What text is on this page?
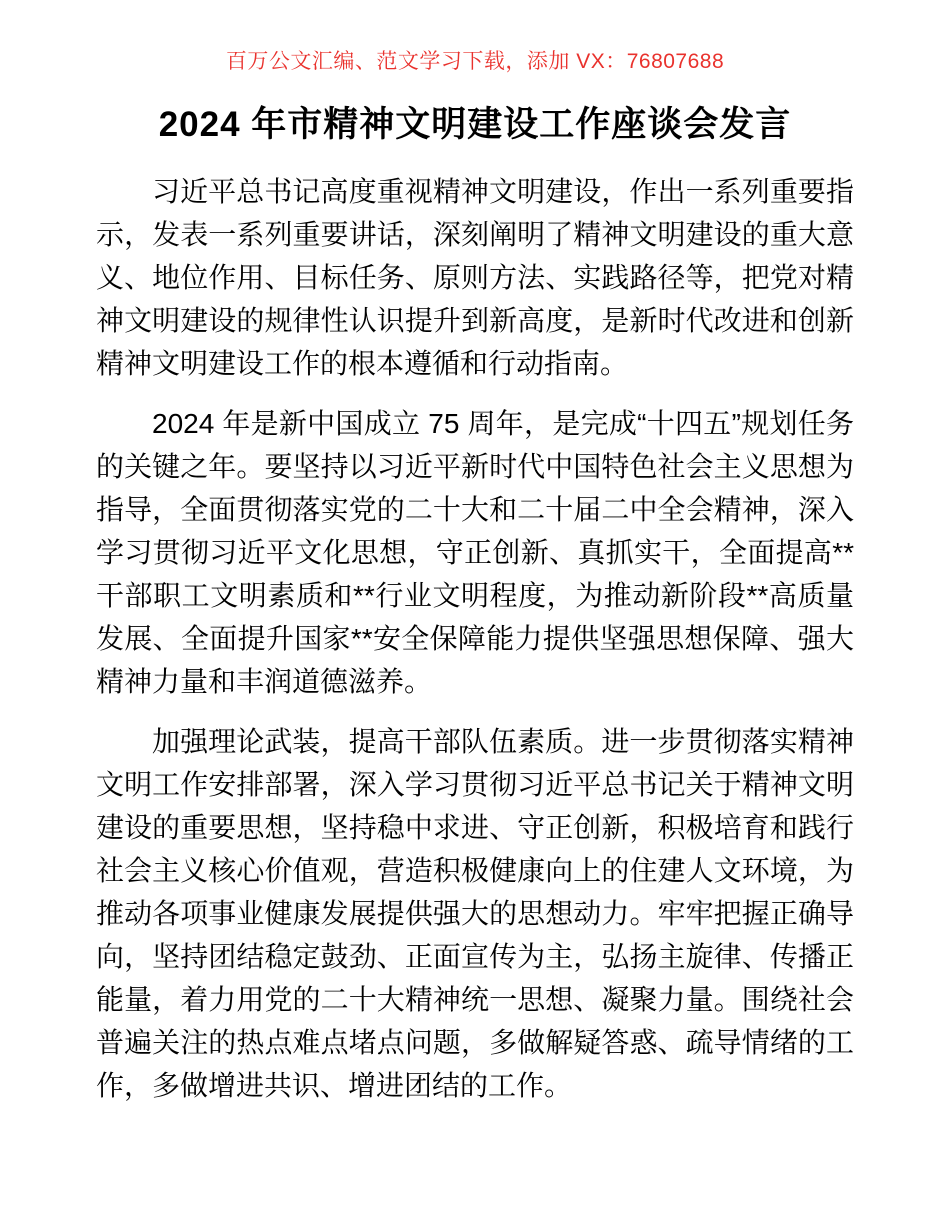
百万公文汇编、范文学习下载，添加 VX：76807688
2024 年市精神文明建设工作座谈会发言

习近平总书记高度重视精神文明建设，作出一系列重要指示，发表一系列重要讲话，深刻阐明了精神文明建设的重大意义、地位作用、目标任务、原则方法、实践路径等，把党对精神文明建设的规律性认识提升到新高度，是新时代改进和创新精神文明建设工作的根本遵循和行动指南。

2024 年是新中国成立 75 周年，是完成“十四五”规划任务的关键之年。要坚持以习近平新时代中国特色社会主义思想为指导，全面贯彻落实党的二十大和二十届二中全会精神，深入学习贯彻习近平文化思想，守正创新、真抓实干，全面提高**干部职工文明素质和**行业文明程度，为推动新阶段**高质量发展、全面提升国家**安全保障能力提供坚强思想保障、强大精神力量和丰润道德滋养。

加强理论武装，提高干部队伍素质。进一步贯彻落实精神文明工作安排部署，深入学习贯彻习近平总书记关于精神文明建设的重要思想，坚持稳中求进、守正创新，积极培育和践行社会主义核心价值观，营造积极健康向上的住建人文环境，为推动各项事业健康发展提供强大的思想动力。牢牢把握正确导向，坚持团结稳定鼓劲、正面宣传为主，弘扬主旋律、传播正能量，着力用党的二十大精神统一思想、凝聚力量。围绕社会普遍关注的热点难点堵点问题，多做解疑答惑、疏导情绪的工作，多做增进共识、增进团结的工作。
